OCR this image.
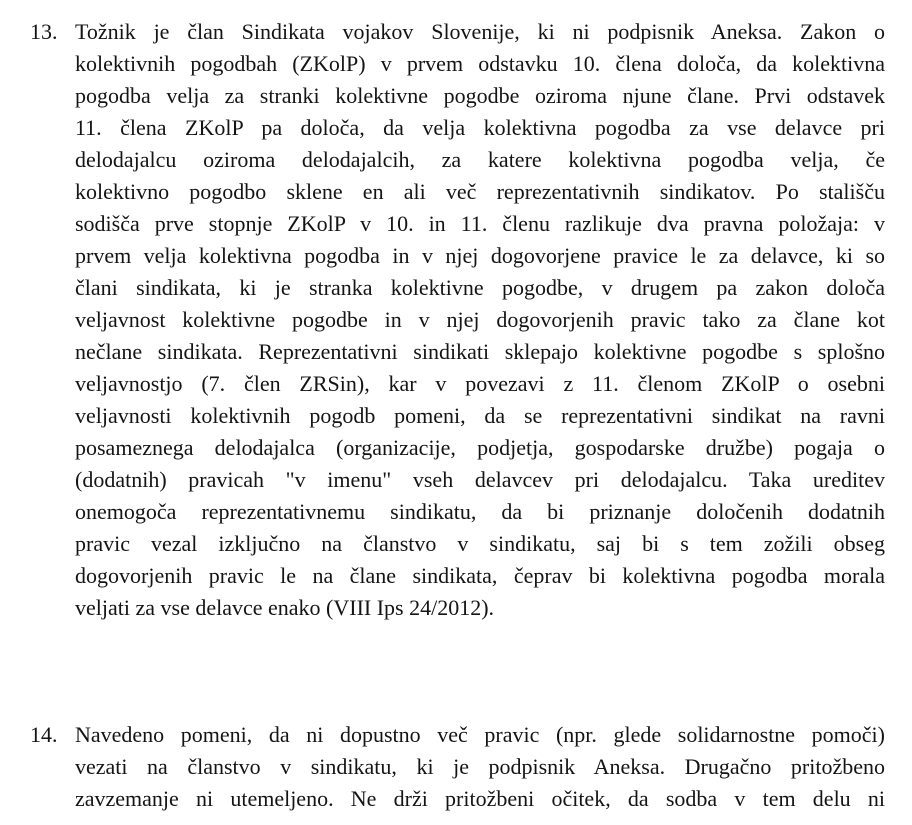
13. Tožnik je član Sindikata vojakov Slovenije, ki ni podpisnik Aneksa. Zakon o
kolektivnih pogodbah (ZKolP) v prvem odstavku 10. člena določa, da kolektivna
pogodba velja za stranki kolektivne pogodbe oziroma njune člane. Prvi odstavek
11. člena ZKolP pa določa, da velja kolektivna pogodba za vse delavce pri
delodajalcu oziroma delodajalcih, za katere kolektivna pogodba velja, če
kolektivno pogodbo sklene en ali več reprezentativnih sindikatov. Po stališču
sodišča prve stopnje ZKolP v 10. in 11. členu razlikuje dva pravna položaja: v
prvem velja kolektivna pogodba in v njej dogovorjene pravice le za delavce, ki so
člani sindikata, ki je stranka kolektivne pogodbe, v drugem pa zakon določa
veljavnost kolektivne pogodbe in v njej dogovorjenih pravic tako za člane kot
nečlane sindikata. Reprezentativni sindikati sklepajo kolektivne pogodbe s splošno
veljavnostjo (7. člen ZRSin), kar v povezavi z 11. členom ZKolP o osebni
veljavnosti kolektivnih pogodb pomeni, da se reprezentativni sindikat na ravni
posameznega delodajalca (organizacije, podjetja, gospodarske družbe) pogaja o
(dodatnih) pravicah "v imenu" vseh delavcev pri delodajalcu. Taka ureditev
onemogoča reprezentativnemu sindikatu, da bi priznanje določenih dodatnih
pravic vezal izključno na članstvo v sindikatu, saj bi s tem zožili obseg
dogovorjenih pravic le na člane sindikata, čeprav bi kolektivna pogodba morala
veljati za vse delavce enako (VIII Ips 24/2012).
14. Navedeno pomeni, da ni dopustno več pravic (npr. glede solidarnostne pomoči)
vezati na članstvo v sindikatu, ki je podpisnik Aneksa. Drugačno pritožbeno
zavzemanje ni utemeljeno. Ne drži pritožbeni očitek, da sodba v tem delu ni
